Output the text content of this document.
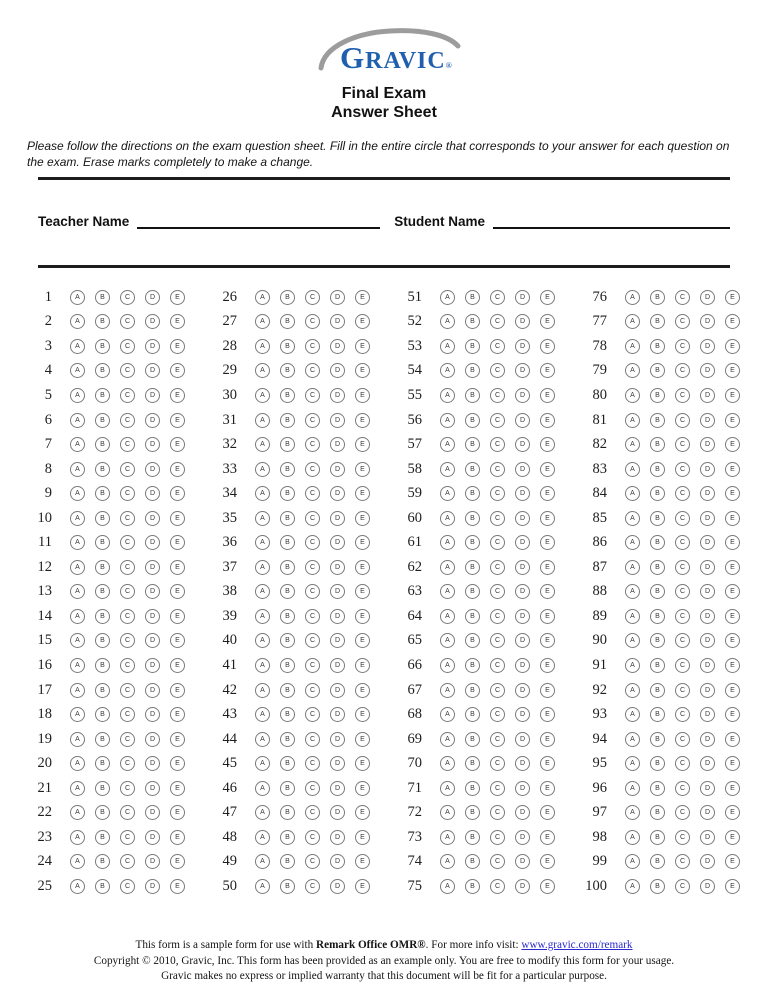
GRAVIC®
Final Exam
Answer Sheet

Please follow the directions on the exam question sheet. Fill in the entire circle that corresponds to your answer for each question on the exam. Erase marks completely to make a change.

Teacher Name	Student Name
1	A	B	C	D	E
2	A	B	C	D	E
3	A	B	C	D	E
4	A	B	C	D	E
5	A	B	C	D	E
6	A	B	C	D	E
7	A	B	C	D	E
8	A	B	C	D	E
9	A	B	C	D	E
10	A	B	C	D	E
11	A	B	C	D	E
12	A	B	C	D	E
13	A	B	C	D	E
14	A	B	C	D	E
15	A	B	C	D	E
16	A	B	C	D	E
17	A	B	C	D	E
18	A	B	C	D	E
19	A	B	C	D	E
20	A	B	C	D	E
21	A	B	C	D	E
22	A	B	C	D	E
23	A	B	C	D	E
24	A	B	C	D	E
25	A	B	C	D	E
26	A	B	C	D	E
27	A	B	C	D	E
28	A	B	C	D	E
29	A	B	C	D	E
30	A	B	C	D	E
31	A	B	C	D	E
32	A	B	C	D	E
33	A	B	C	D	E
34	A	B	C	D	E
35	A	B	C	D	E
36	A	B	C	D	E
37	A	B	C	D	E
38	A	B	C	D	E
39	A	B	C	D	E
40	A	B	C	D	E
41	A	B	C	D	E
42	A	B	C	D	E
43	A	B	C	D	E
44	A	B	C	D	E
45	A	B	C	D	E
46	A	B	C	D	E
47	A	B	C	D	E
48	A	B	C	D	E
49	A	B	C	D	E
50	A	B	C	D	E
51	A	B	C	D	E
52	A	B	C	D	E
53	A	B	C	D	E
54	A	B	C	D	E
55	A	B	C	D	E
56	A	B	C	D	E
57	A	B	C	D	E
58	A	B	C	D	E
59	A	B	C	D	E
60	A	B	C	D	E
61	A	B	C	D	E
62	A	B	C	D	E
63	A	B	C	D	E
64	A	B	C	D	E
65	A	B	C	D	E
66	A	B	C	D	E
67	A	B	C	D	E
68	A	B	C	D	E
69	A	B	C	D	E
70	A	B	C	D	E
71	A	B	C	D	E
72	A	B	C	D	E
73	A	B	C	D	E
74	A	B	C	D	E
75	A	B	C	D	E
76	A	B	C	D	E
77	A	B	C	D	E
78	A	B	C	D	E
79	A	B	C	D	E
80	A	B	C	D	E
81	A	B	C	D	E
82	A	B	C	D	E
83	A	B	C	D	E
84	A	B	C	D	E
85	A	B	C	D	E
86	A	B	C	D	E
87	A	B	C	D	E
88	A	B	C	D	E
89	A	B	C	D	E
90	A	B	C	D	E
91	A	B	C	D	E
92	A	B	C	D	E
93	A	B	C	D	E
94	A	B	C	D	E
95	A	B	C	D	E
96	A	B	C	D	E
97	A	B	C	D	E
98	A	B	C	D	E
99	A	B	C	D	E
100	A	B	C	D	E
This form is a sample form for use with Remark Office OMR®. For more info visit: www.gravic.com/remark
Copyright © 2010, Gravic, Inc. This form has been provided as an example only. You are free to modify this form for your usage.
Gravic makes no express or implied warranty that this document will be fit for a particular purpose.
